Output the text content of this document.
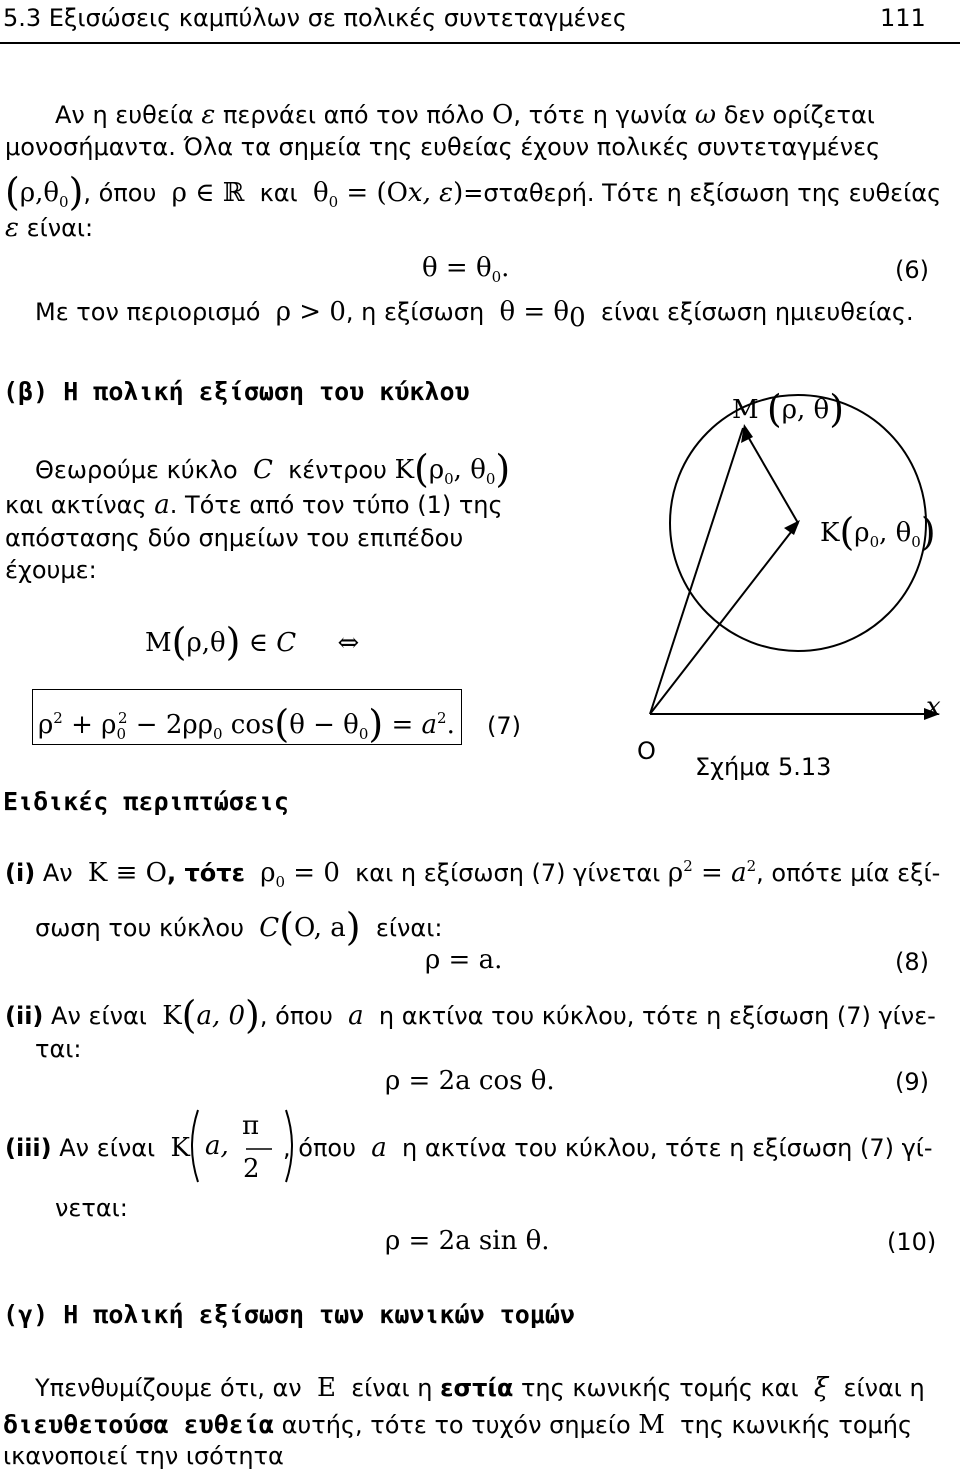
5.3 Εξισώσεις καμπύλων σε πολικές συντεταγμένες	111
Αν η ευθεία ε περνάει από τον πόλο O, τότε η γωνία ω δεν ορίζεται
μονοσήμαντα. Όλα τα σημεία της ευθείας έχουν πολικές συντεταγμένες
$(\rho,\theta_0)$, όπου ρ ∈ ℝ και $\theta_0 = (Ox$, ε)=σταθερή. Τότε η εξίσωση της ευθείας
ε είναι:
$\theta = \theta_0$.	(6)
Με τον περιορισμό ρ > 0, η εξίσωση $\theta = \theta_0$ είναι εξίσωση ημιευθείας.
(β) Η πολική εξίσωση του κύκλου
Θεωρούμε κύκλο C κέντρου $K(\rho_0$, $\theta_0$)
και ακτίνας a. Τότε από τον τύπο (1) της
απόστασης δύο σημείων του επιπέδου
έχουμε:
M(ρ,θ) ∈ C ⇔
$\rho^2 + \rho_0^2 - 2\rho\rho_0$ $\cos(\theta - \theta_0) = a^2$. (7)
M (ρ, θ)
$K(\rho_0$, $\theta_0$)
O
x
Σχήμα 5.13
Ειδικές περιπτώσεις
(i) Αν K ≡ O, τότε $\rho_0 = 0$ και η εξίσωση (7) γίνεται $\rho^2 = a^2$, οπότε μία εξί-
σωση του κύκλου C(O, a) είναι:
ρ = a.	(8)
(ii) Αν είναι K(a, 0), όπου a η ακτίνα του κύκλου, τότε η εξίσωση (7) γίνε-
ται:
ρ = 2a cos θ.	(9)
(iii) Αν είναι K a,
π
2
, όπου a η ακτίνα του κύκλου, τότε η εξίσωση (7) γί-
νεται:
ρ = 2a sin θ.	(10)
(γ) Η πολική εξίσωση των κωνικών τομών
Υπενθυμίζουμε ότι, αν E είναι η εστία της κωνικής τομής και ξ είναι η
διευθετούσα ευθεία αυτής, τότε το τυχόν σημείο M της κωνικής τομής
ικανοποιεί την ισότητα
